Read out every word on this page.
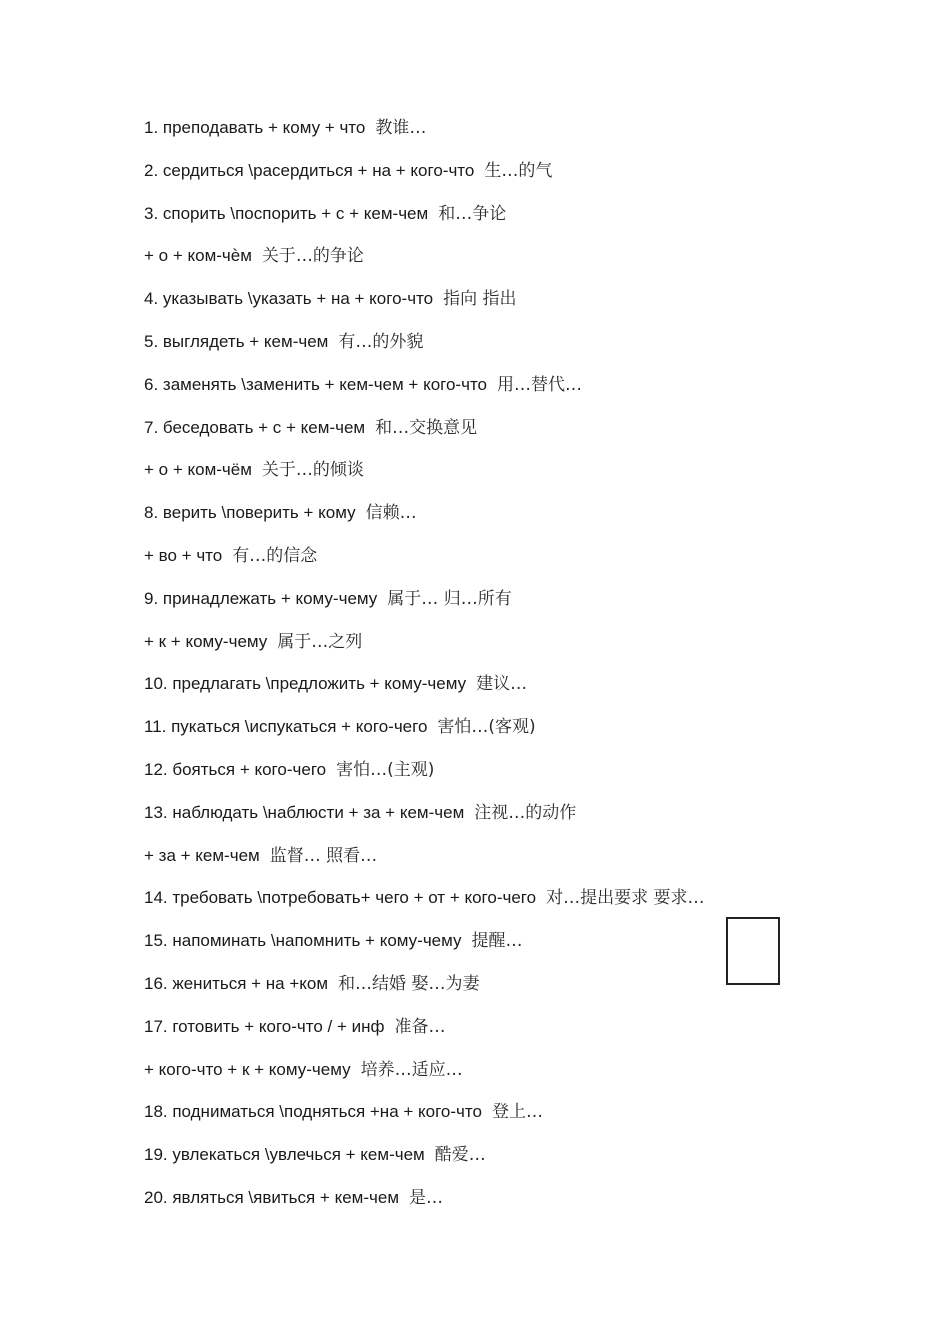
1. преподавать + кому + что 教谁…
2. сердиться \расердиться + на + кого-что 生…的气
3. спорить \поспорить + с + кем-чем 和…争论
+ о + ком-чѐм 关于…的争论
4. указывать \указать + на + кого-что 指向 指出
5. выглядеть + кем-чем 有…的外貌
6. заменять \заменить + кем-чем + кого-что 用…替代…
7. беседовать + с + кем-чем 和…交换意见
+ о + ком-чём 关于…的倾谈
8. верить \поверить + кому 信赖…
+ во + что 有…的信念
9. принадлежать + кому-чему 属于… 归…所有
+ к + кому-чему 属于…之列
10. предлагать \предложить + кому-чему 建议…
11. пукаться \испукаться + кого-чего 害怕…(客观)
12. бояться + кого-чего 害怕…(主观)
13. наблюдать \наблюсти + за + кем-чем 注视…的动作
+ за + кем-чем 监督… 照看…
14. требовать \потребовать+ чего + от + кого-чего 对…提出要求 要求…
15. напоминать \напомнить + кому-чему 提醒…
16. жениться + на +ком 和…结婚 娶…为妻
17. готовить + кого-что / + инф 准备…
+ кого-что + к + кому-чему 培养…适应…
18. подниматься \подняться +на + кого-что 登上…
19. увлекаться \увлечься + кем-чем 酷爱…
20. являться \явиться + кем-чем 是…
